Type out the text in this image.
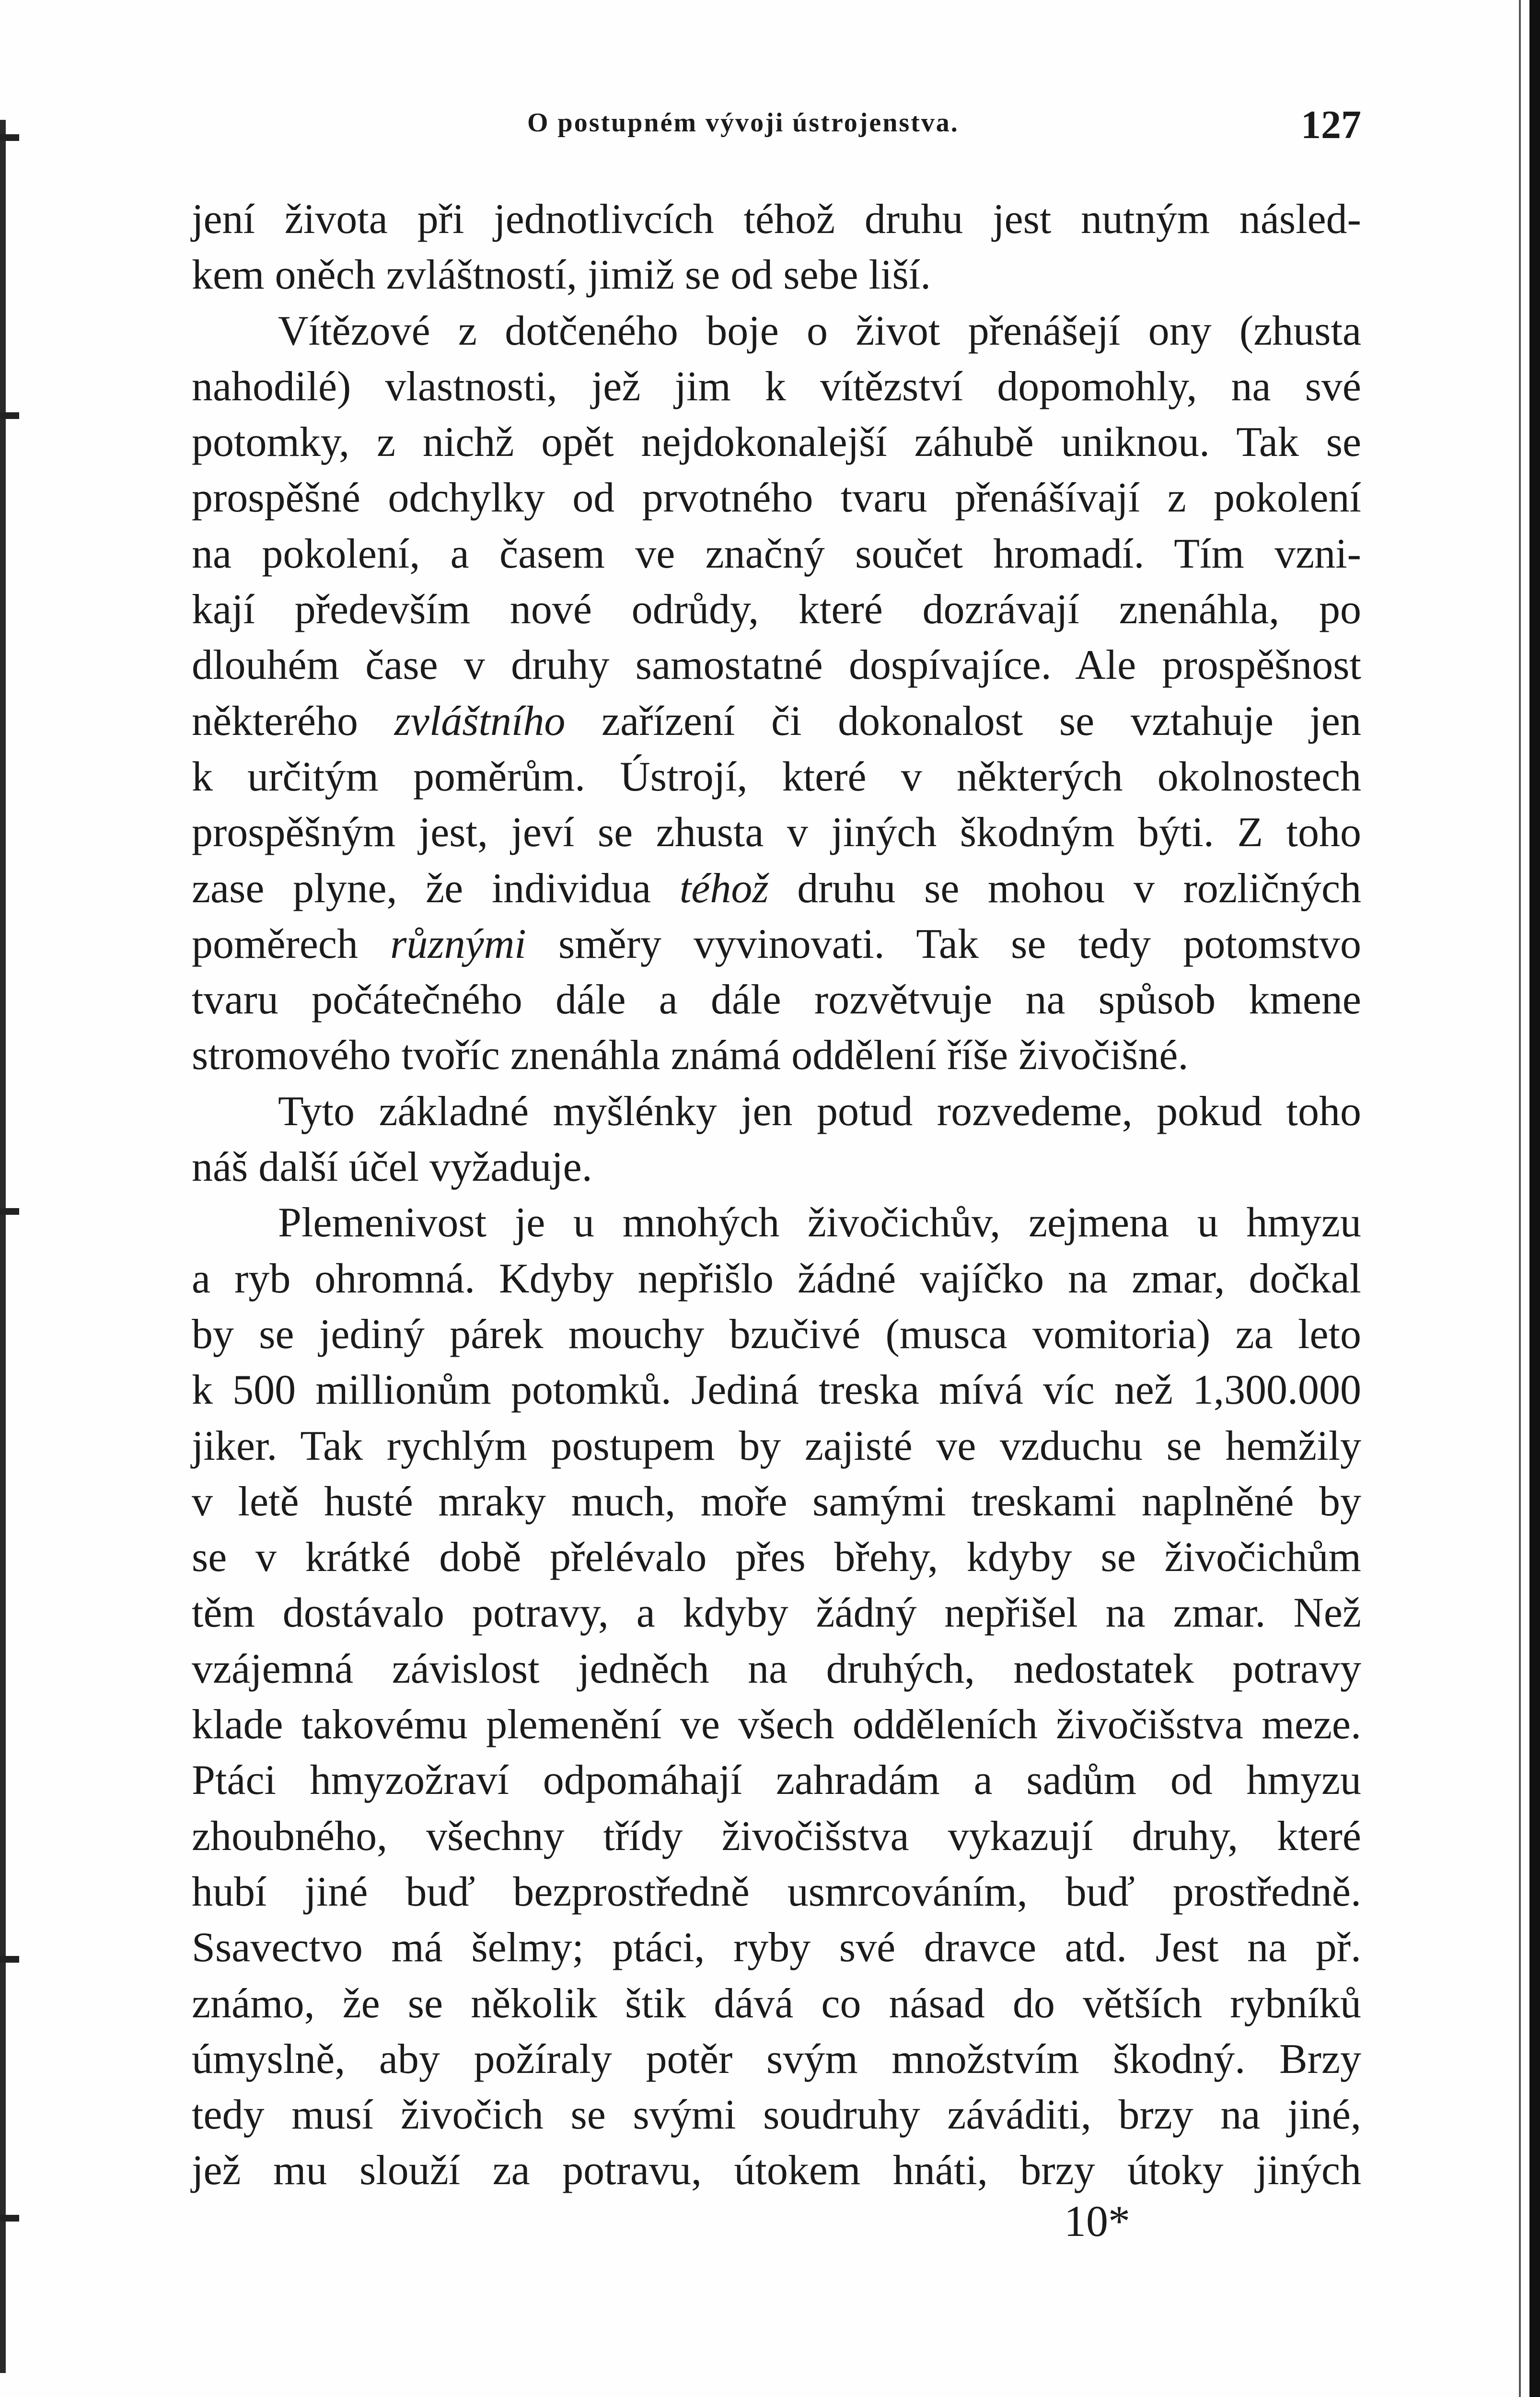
O postupném vývoji ústrojenstva.	127
jení života při jednotlivcích téhož druhu jest nutným násled-
kem oněch zvláštností, jimiž se od sebe liší.
Vítězové z dotčeného boje o život přenášejí ony (zhusta
nahodilé) vlastnosti, jež jim k vítězství dopomohly, na své
potomky, z nichž opět nejdokonalejší záhubě uniknou. Tak se
prospěšné odchylky od prvotného tvaru přenášívají z pokolení
na pokolení, a časem ve značný součet hromadí. Tím vzni-
kají především nové odrůdy, které dozrávají znenáhla, po
dlouhém čase v druhy samostatné dospívajíce. Ale prospěšnost
některého zvláštního zařízení či dokonalost se vztahuje jen
k určitým poměrům. Ústrojí, které v některých okolnostech
prospěšným jest, jeví se zhusta v jiných škodným býti. Z toho
zase plyne, že individua téhož druhu se mohou v rozličných
poměrech různými směry vyvinovati. Tak se tedy potomstvo
tvaru počátečného dále a dále rozvětvuje na spůsob kmene
stromového tvoříc znenáhla známá oddělení říše živočišné.
Tyto základné myšlénky jen potud rozvedeme, pokud toho
náš další účel vyžaduje.
Plemenivost je u mnohých živočichův, zejmena u hmyzu
a ryb ohromná. Kdyby nepřišlo žádné vajíčko na zmar, dočkal
by se jediný párek mouchy bzučivé (musca vomitoria) za leto
k 500 millionům potomků. Jediná treska mívá víc než 1,300.000
jiker. Tak rychlým postupem by zajisté ve vzduchu se hemžily
v letě husté mraky much, moře samými treskami naplněné by
se v krátké době přelévalo přes břehy, kdyby se živočichům
těm dostávalo potravy, a kdyby žádný nepřišel na zmar. Než
vzájemná závislost jedněch na druhých, nedostatek potravy
klade takovému plemenění ve všech odděleních živočišstva meze.
Ptáci hmyzožraví odpomáhají zahradám a sadům od hmyzu
zhoubného, všechny třídy živočišstva vykazují druhy, které
hubí jiné buď bezprostředně usmrcováním, buď prostředně.
Ssavectvo má šelmy; ptáci, ryby své dravce atd. Jest na př.
známo, že se několik štik dává co násad do větších rybníků
úmyslně, aby požíraly potěr svým množstvím škodný. Brzy
tedy musí živočich se svými soudruhy záváditi, brzy na jiné,
jež mu slouží za potravu, útokem hnáti, brzy útoky jiných
10*
